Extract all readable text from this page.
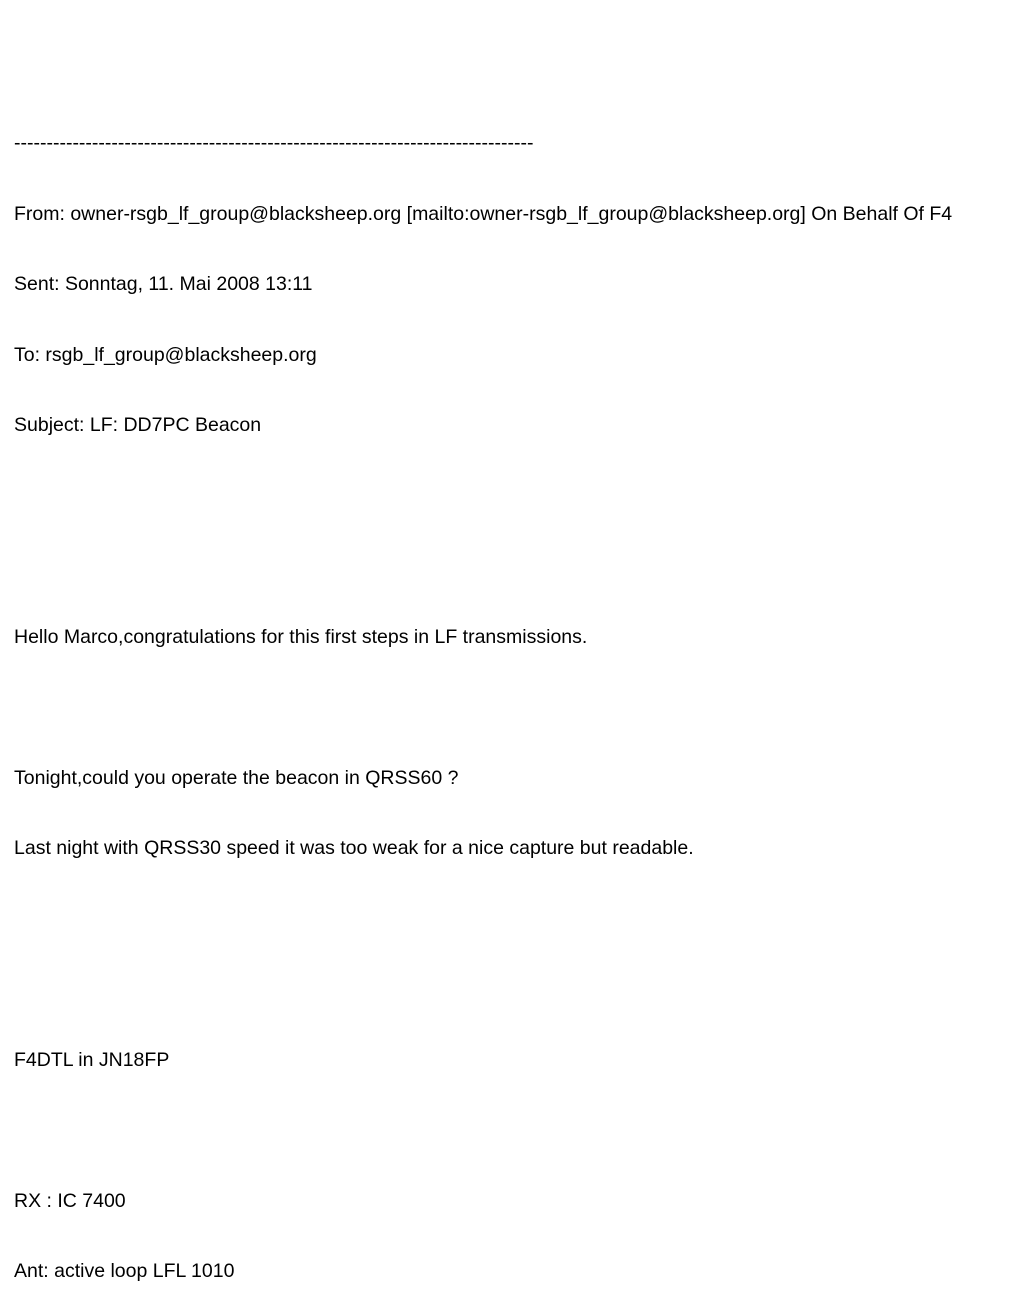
--------------------------------------------------------------------------------

From: owner-rsgb_lf_group@blacksheep.org [mailto:owner-rsgb_lf_group@blacksheep.org] On Behalf Of F4

Sent: Sonntag, 11. Mai 2008 13:11

To: rsgb_lf_group@blacksheep.org

Subject: LF: DD7PC Beacon

Hello Marco,congratulations for this first steps in LF transmissions.

Tonight,could you operate the beacon in QRSS60 ?

Last night with QRSS30 speed it was too weak for a nice capture but readable.

F4DTL in JN18FP

RX : IC 7400

Ant: active loop LFL 1010
